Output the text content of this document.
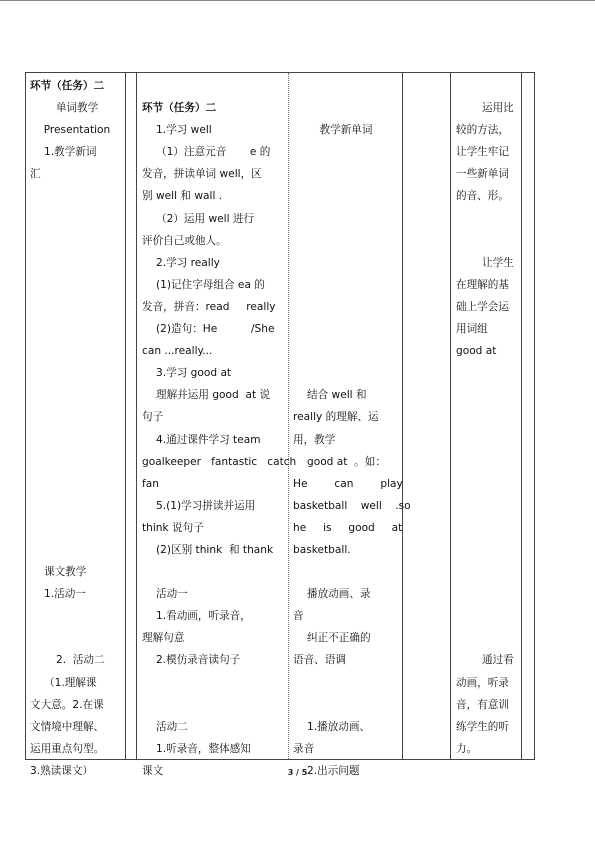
环节（任务）二
单词教学
Presentation
1.教学新词
汇
课文教学
1.活动一
2.  活动二
（1.理解课
文大意。2.在课
文情境中理解、
运用重点句型。
3.熟读课文）
环节（任务）二
1.学习 well
（1）注意元音       e 的
发音，拼读单词 well，区
别 well 和 wall .
（2）运用 well 进行
评价自己或他人。
2.学习 really
(1)记住字母组合 ea 的
发音，拼音：read     really
(2)造句：He          /She
can ...really...
3.学习 good at
理解并运用 good  at 说
句子
4.通过课件学习 team
goalkeeper   fantastic   catch
fan
5.(1)学习拼读并运用
think 说句子
(2)区别 think  和 thank
活动一
1.看动画，听录音，
理解句意
2.模仿录音读句子
活动二
1.听录音，整体感知
课文
教学新单词
结合 well 和
really 的理解、运
用，教学
good at  。如：
He        can        play
basketball    well    .so
he     is     good     at
basketball.
播放动画、录
音
纠正不正确的
语音、语调
1.播放动画、
录音
2.出示问题
运用比
较的方法，
让学生牢记
一些新单词
的音、形。
让学生
在理解的基
础上学会运
用词组
good at
通过看
动画，听录
音，有意训
练学生的听
力。
3 / 5
